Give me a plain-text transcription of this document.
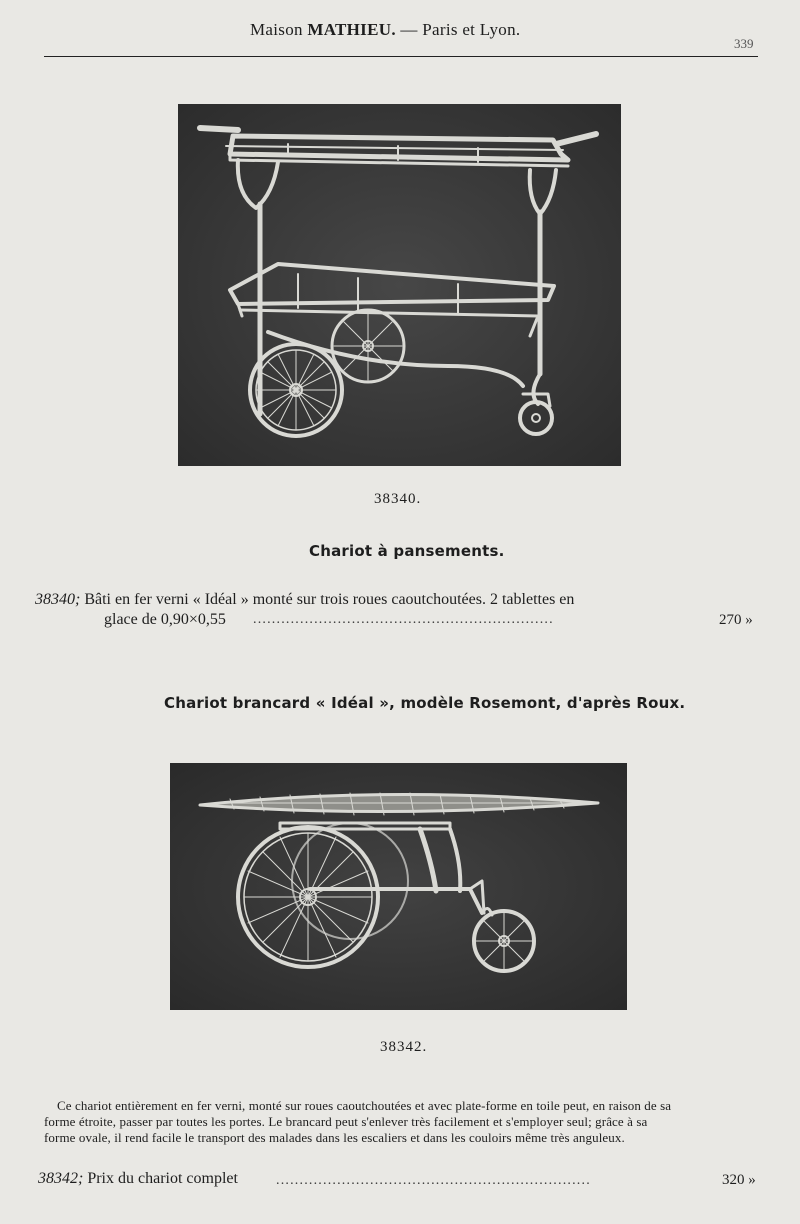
Maison MATHIEU. — Paris et Lyon.
339
38340.
Chariot à pansements.
38340; Bâti en fer verni « Idéal » monté sur trois roues caoutchoutées. 2 tablettes en
glace de 0,90×0,55 ................................................................	270 »
Chariot brancard « Idéal », modèle Rosemont, d'après Roux.
38342.
Ce chariot entièrement en fer verni, monté sur roues caoutchoutées et avec plate-forme en toile peut, en raison de sa
forme étroite, passer par toutes les portes. Le brancard peut s'enlever très facilement et s'employer seul; grâce à sa
forme ovale, il rend facile le transport des malades dans les escaliers et dans les couloirs même très anguleux.
38342; Prix du chariot complet	...................................................................	320 »
